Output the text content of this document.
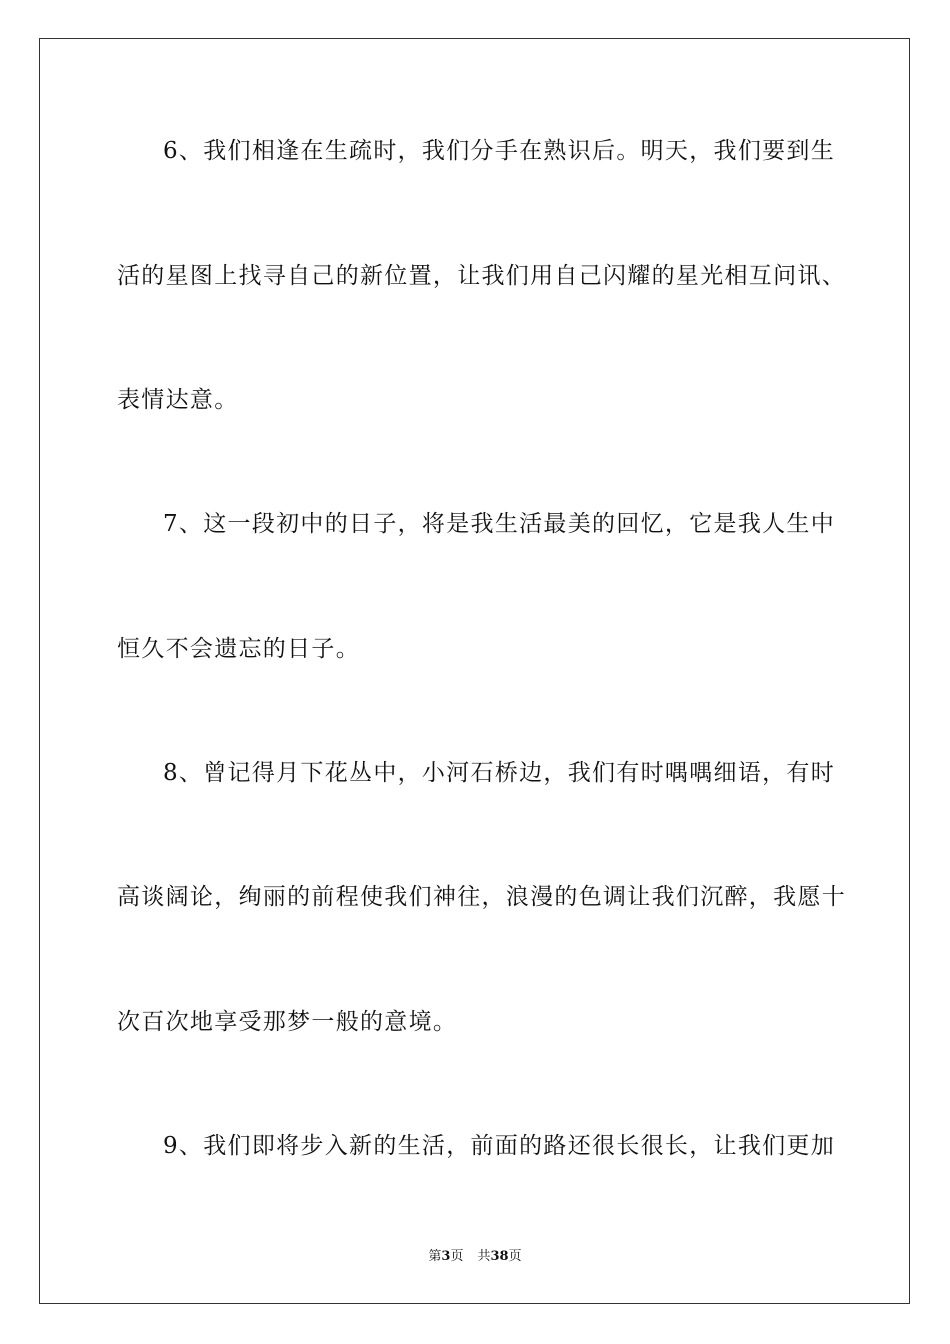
6、我们相逢在生疏时，我们分手在熟识后。明天，我们要到生
活的星图上找寻自己的新位置，让我们用自己闪耀的星光相互问讯、
表情达意。
7、这一段初中的日子，将是我生活最美的回忆，它是我人生中
恒久不会遗忘的日子。
8、曾记得月下花丛中，小河石桥边，我们有时喁喁细语，有时
高谈阔论，绚丽的前程使我们神往，浪漫的色调让我们沉醉，我愿十
次百次地享受那梦一般的意境。
9、我们即将步入新的生活，前面的路还很长很长，让我们更加
第3页 共38页
